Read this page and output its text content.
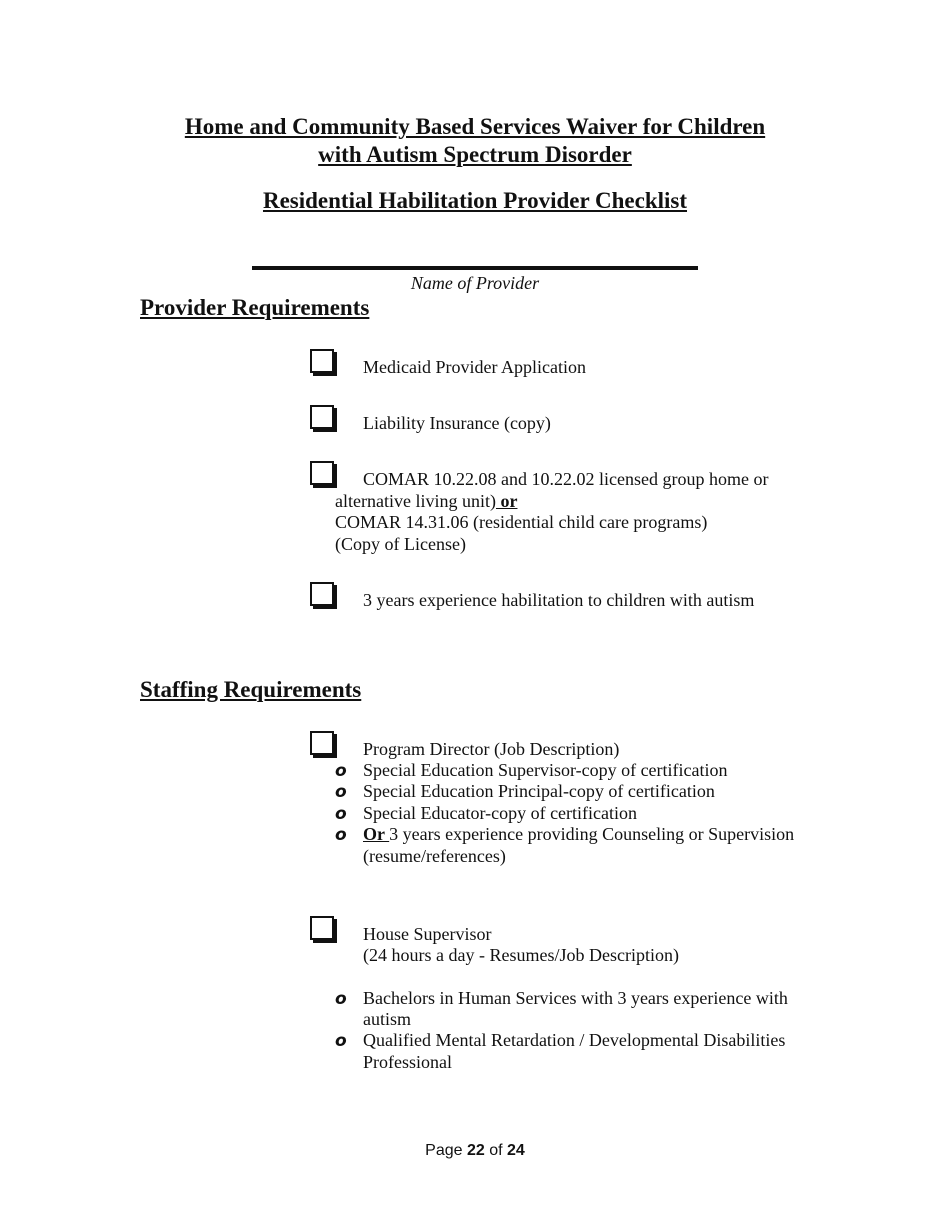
Home and Community Based Services Waiver for Children
with Autism Spectrum Disorder
Residential Habilitation Provider Checklist
Name of Provider
Provider Requirements
Medicaid Provider Application
Liability Insurance (copy)
COMAR 10.22.08 and 10.22.02 licensed group home or
alternative living unit) or
COMAR 14.31.06 (residential child care programs)
(Copy of License)
3 years experience habilitation to children with autism
Staffing Requirements
Program Director (Job Description)
o Special Education Supervisor-copy of certification
o Special Education Principal-copy of certification
o Special Educator-copy of certification
o Or 3 years experience providing Counseling or Supervision
(resume/references)
House Supervisor
(24 hours a day - Resumes/Job Description)
o Bachelors in Human Services with 3 years experience with
autism
o Qualified Mental Retardation / Developmental Disabilities
Professional
Page 22 of 24
